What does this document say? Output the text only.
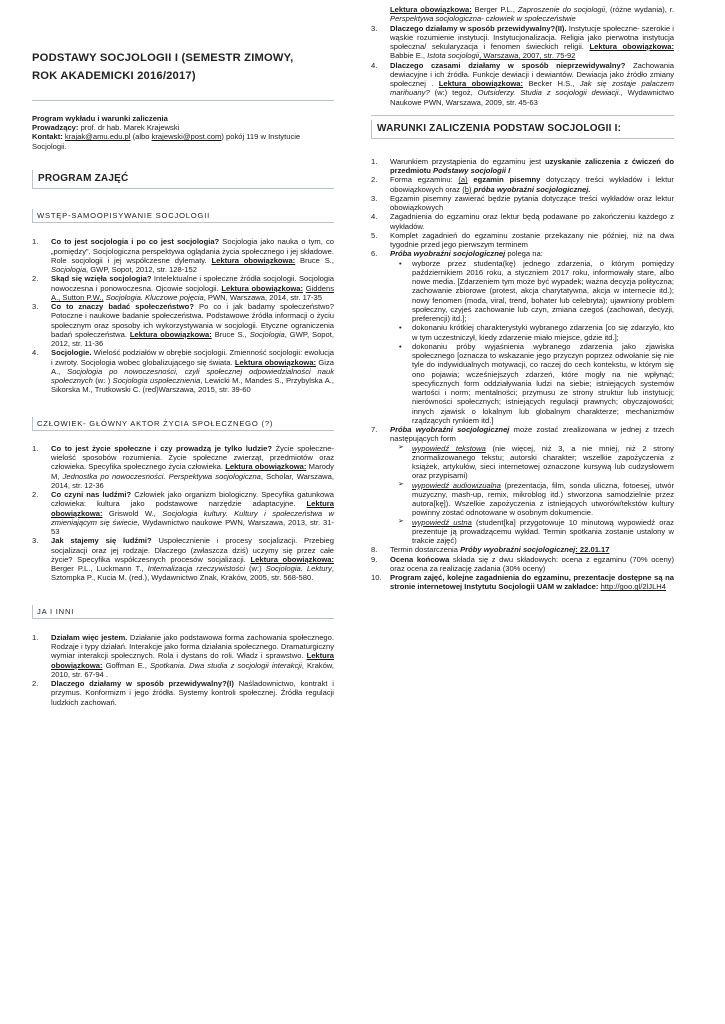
PODSTAWY SOCJOLOGII I (SEMESTR ZIMOWY,
ROK AKADEMICKI 2016/2017)
Program wykładu i warunki zaliczenia
Prowadzący: prof. dr hab. Marek Krajewski
Kontakt: krajak@amu.edu.pl (albo krajewski@post.com) pokój 119 w Instytucie Socjologii.
PROGRAM ZAJĘĆ
WSTĘP-SAMOOPISYWANIE SOCJOLOGII
1. Co to jest socjologia i po co jest socjologia? Socjologia jako nauka o tym, co „pomiędzy”. Socjologiczna perspektywa oglądania życia społecznego i jej składowe. Role socjologii i jej współczesne dylematy. Lektura obowiązkowa: Bruce S., Socjologia, GWP, Sopot, 2012, str. 128-152
2. Skąd się wzięła socjologia? Intelektualne i społeczne źródła socjologii. Socjologia nowoczesna i ponowoczesna. Ojcowie socjologii. Lektura obowiązkowa: Giddens A., Sutton P.W., Socjologia. Kluczowe pojęcia, PWN, Warszawa, 2014, str. 17-35
3. Co to znaczy badać społeczeństwo? Po co i jak badamy społeczeństwo? Potoczne i naukowe badanie społeczeństwa. Podstawowe źródła informacji o życiu społecznym oraz sposoby ich wykorzystywania w socjologii. Etyczne ograniczenia badań społeczeństwa. Lektura obowiązkowa: Bruce S., Socjologia, GWP, Sopot, 2012, str. 11-36
4. Socjologie. Wielość podziałów w obrębie socjologii. Zmienność socjologii: ewolucja i zwroty. Socjologia wobec globalizującego się świata. Lektura obowiązkowa: Giza A., Socjologia po nowoczesności, czyli społecznej odpowiedzialności nauk społecznych (w: ) Socjologia uspołecznienia, Lewicki M., Mandes S., Przybylska A., Sikorska M., Trutkowski C. (red)Warszawa, 2015, str. 39-60
CZŁOWIEK- GŁÓWNY AKTOR ŻYCIA SPOŁECZNEGO (?)
1. Co to jest życie społeczne i czy prowadzą je tylko ludzie? Życie społeczne- wielość sposobów rozumienia. Życie społeczne zwierząt, przedmiotów oraz człowieka. Specyfika społecznego życia człowieka. Lektura obowiązkowa: Marody M, Jednostka po nowoczesności. Perspektywa socjologiczna, Scholar, Warszawa, 2014, str. 12-36
2. Co czyni nas ludźmi? Człowiek jako organizm biologiczny. Specyfika gatunkowa człowieka: kultura jako podstawowe narzędzie adaptacyjne. Lektura obowiązkowa: Griswold W., Socjologia kultury. Kultury i społeczeństwa w zmieniającym się świecie, Wydawnictwo naukowe PWN, Warszawa, 2013, str. 31-53
3. Jak stajemy się ludźmi? Uspołecznienie i procesy socjalizacji. Przebieg socjalizacji oraz jej rodzaje. Dlaczego (zwłaszcza dziś) uczymy się przez całe życie? Specyfika współczesnych procesów socjalizacji. Lektura obowiązkowa: Berger P.L., Luckmann T., Internalizacja rzeczywistości (w:) Socjologia. Lektury, Sztompka P., Kucia M. (red.), Wydawnictwo Znak, Kraków, 2005, str. 568-580.
JA I INNI
1. Działam więc jestem. Działanie jako podstawowa forma zachowania społecznego. Rodzaje i typy działań. Interakcje jako forma działania społecznego. Dramaturgiczny wymiar interakcji społecznych. Rola i dystans do roli. Władz i sprawstwo. Lektura obowiązkowa: Goffman E., Spotkania. Dwa studia z socjologii interakcji, Kraków, 2010, str. 67-94 .
2. Dlaczego działamy w sposób przewidywalny?(I) Naśladownictwo, kontrakt i przymus. Konformizm i jego źródła. Systemy kontroli społecznej. Źródła regulacji ludzkich zachowań.
Lektura obowiązkowa: Berger P.L., Zaproszenie do socjologii, (różne wydania), r. Perspektywa socjologiczna- człowiek w społeczeństwie
3. Dlaczego działamy w sposób przewidywalny?(II). Instytucje społeczne- szerokie i wąskie rozumienie instytucji. Instytucjonalizacja. Religia jako pierwotna instytucja społeczna/ sekularyzacja i fenomen świeckich religii. Lektura obowiązkowa: Babbie E., Istota socjologii, Warszawa, 2007, str. 75-92
4. Dlaczego czasami działamy w sposób nieprzewidywalny? Zachowania dewiacyjne i ich źródła. Funkcje dewiacji i dewiantów. Dewiacja jako źródło zmiany społecznej . Lektura obowiązkowa: Becker H.S., Jak się zostaje palaczem marihuany? (w:) tegoż, Outsiderzy. Studia z socjologii dewiacji., Wydawnictwo Naukowe PWN, Warszawa, 2009, str. 45-63
WARUNKI ZALICZENIA PODSTAW SOCJOLOGII I:
1. Warunkiem przystąpienia do egzaminu jest uzyskanie zaliczenia z ćwiczeń do przedmiotu Podstawy socjologii I
2. Forma egzaminu: (a) egzamin pisemny dotyczący treści wykładów i lektur obowiązkowych oraz (b) próba wyobraźni socjologicznej.
3. Egzamin pisemny zawierać będzie pytania dotyczące treści wykładów oraz lektur obowiązkowych
4. Zagadnienia do egzaminu oraz lektur będą podawane po zakończeniu każdego z wykładów.
5. Komplet zagadnień do egzaminu zostanie przekazany nie później, niż na dwa tygodnie przed jego pierwszym terminem
6. Próba wyobraźni socjologicznej polega na:
• wyborze przez studenta(kę) jednego zdarzenia, o którym pomiędzy październikiem 2016 roku, a styczniem 2017 roku, informowały stare, albo nowe media. [Zdarzeniem tym może być wypadek; ważna decyzja polityczna; zachowanie zbiorowe (protest, akcja charytatywna, akcja w internecie itd.); nowy fenomen (moda, viral, trend, bohater lub celebryta); ujawniony problem społeczny, czyjeś zachowanie lub czyn, zmiana czegoś (zachowań, decyzji, preferencji) itd.];
• dokonaniu krótkiej charakterystyki wybranego zdarzenia [co się zdarzyło, kto w tym uczestniczył, kiedy zdarzenie miało miejsce, gdzie itd.];
• dokonaniu próby wyjaśnienia wybranego zdarzenia jako zjawiska społecznego [oznacza to wskazanie jego przyczyn poprzez odwołanie się nie tyle do indywidualnych motywacji, co raczej do cech kontekstu, w którym się ono pojawia; wcześniejszych zdarzeń, które mogły na nie wpłynąć; specyficznych form oddziaływania ludzi na siebie; istniejących systemów wartości i norm; mentalności; przymusu ze strony struktur lub instytucji; nierówności społecznych; istniejących regulacji prawnych; obyczajowości; innych zjawisk o lokalnym lub globalnym charakterze; mechanizmów rządzących rynkiem itd.]
7. Próba wyobraźni socjologicznej może zostać zrealizowana w jednej z trzech następujących form
➢ wypowiedź tekstowa (nie więcej, niż 3, a nie mniej, niż 2 strony znormalizowanego tekstu; autorski charakter; wszelkie zapożyczenia z książek, artykułów, sieci internetowej oznaczone kursywą lub cudzysłowem oraz przypisami)
➢ wypowiedź audiowizualna (prezentacja, film, sonda uliczna, fotoesej, utwór muzyczny, mash-up, remix, mikroblog itd.) stworzona samodzielnie przez autora[kę]). Wszelkie zapożyczenia z istniejących utworów/tekstów kultury powinny zostać odnotowane w osobnym dokumencie.
➢ wypowiedź ustna (student[ka] przygotowuje 10 minutową wypowiedź oraz prezentuje ją prowadzącemu wykład. Termin spotkania zostanie ustalony w trakcie zajęć)
8. Termin dostarczenia Próby wyobraźni socjologicznej: 22.01.17
9. Ocena końcowa składa się z dwu składowych: ocena z egzaminu (70% oceny) oraz ocena za realizację zadania (30% oceny)
10. Program zajęć, kolejne zagadnienia do egzaminu, prezentacje dostępne są na stronie internetowej Instytutu Socjologii UAM w zakładce: http://goo.gl/2lJLH4
